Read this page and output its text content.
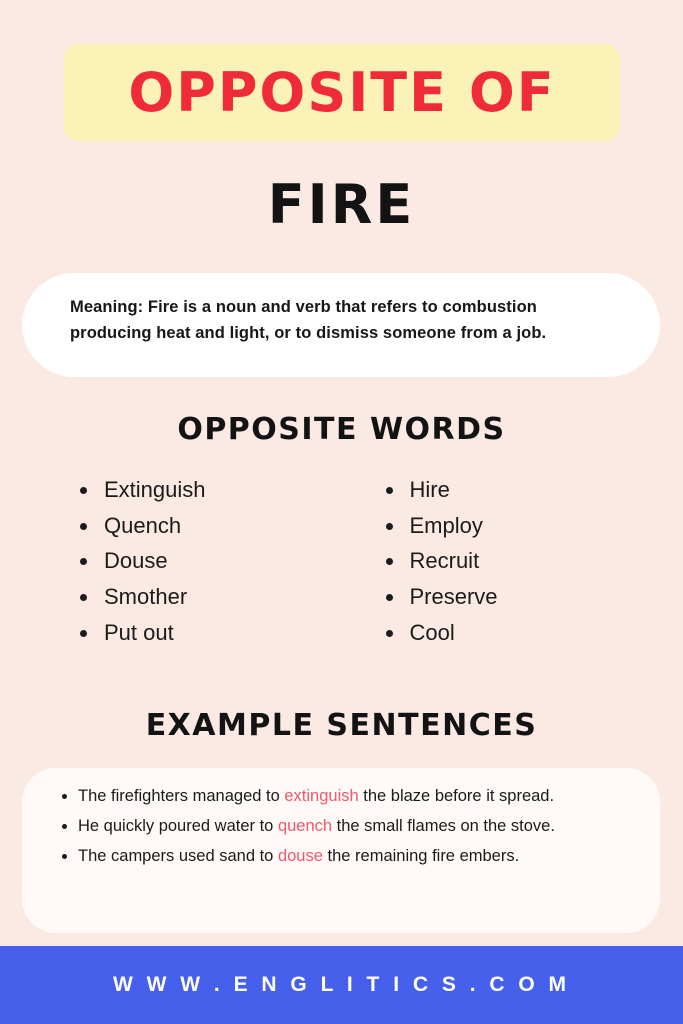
OPPOSITE OF
FIRE
Meaning: Fire is a noun and verb that refers to combustion producing heat and light, or to dismiss someone from a job.
OPPOSITE WORDS
• Extinguish
• Quench
• Douse
• Smother
• Put out
• Hire
• Employ
• Recruit
• Preserve
• Cool
EXAMPLE SENTENCES
• The firefighters managed to extinguish the blaze before it spread.
• He quickly poured water to quench the small flames on the stove.
• The campers used sand to douse the remaining fire embers.
W W W . E N G L I T I C S . C O M
